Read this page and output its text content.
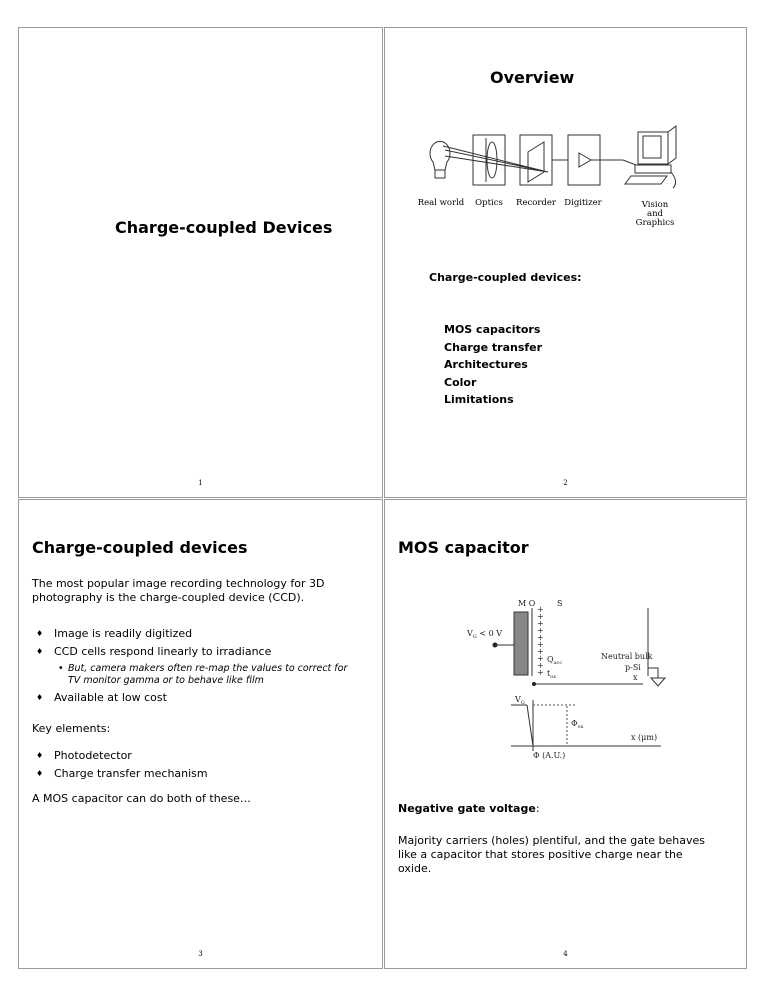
Charge-coupled Devices
1
Overview
Real world Optics Recorder Digitizer	Vision
and
Graphics
Charge-coupled devices:
MOS capacitors
Charge transfer
Architectures
Color
Limitations
2
Charge-coupled devices
The most popular image recording technology for 3D photography is the charge-coupled device (CCD).
♦ Image is readily digitized
♦ CCD cells respond linearly to irradiance
• But, camera makers often re-map the values to correct for TV monitor gamma or to behave like film
♦ Available at low cost
Key elements:
♦ Photodetector
♦ Charge transfer mechanism
A MOS capacitor can do both of these…
3
MOS capacitor
+
+
+
+
+
+
+
+
+
+
M O	S
$V_G < 0$ V
$Q_{acc}$
$t_{ox}$
Neutral bulk
p-Si
x
$V_G$
$\Phi_{ox}$
x (μm)
Φ (A.U.)
Negative gate voltage:
Majority carriers (holes) plentiful, and the gate behaves like a capacitor that stores positive charge near the oxide.
4
